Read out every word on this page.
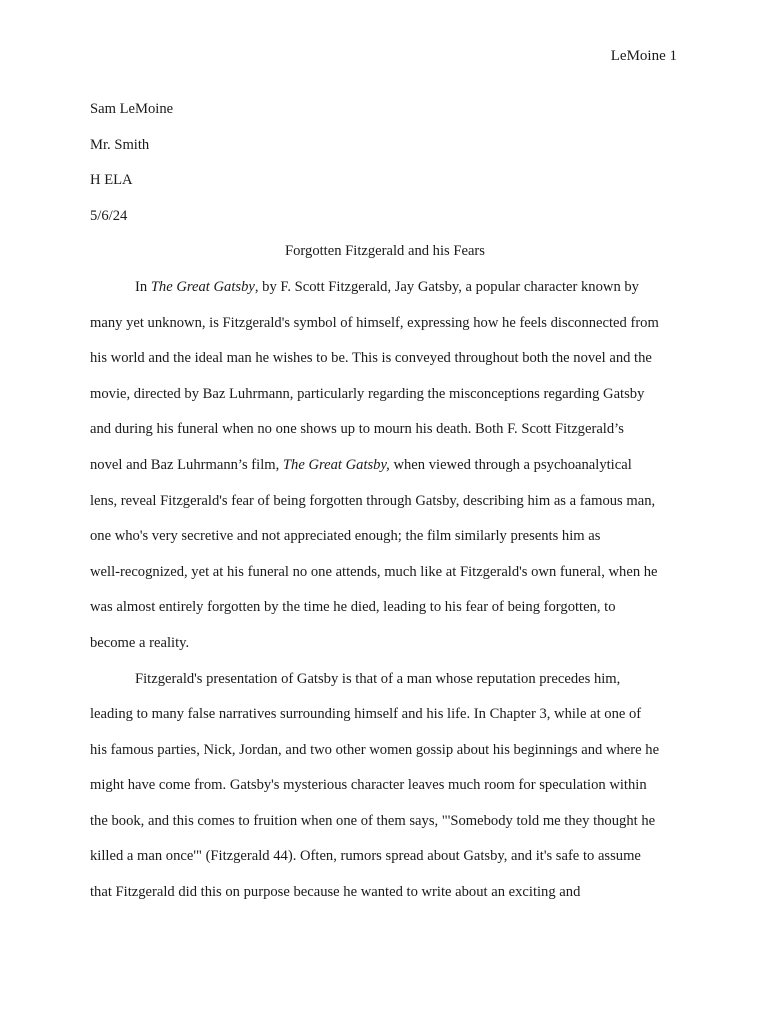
LeMoine 1

Sam LeMoine

Mr. Smith

H ELA

5/6/24

Forgotten Fitzgerald and his Fears

In The Great Gatsby, by F. Scott Fitzgerald, Jay Gatsby, a popular character known by
many yet unknown, is Fitzgerald's symbol of himself, expressing how he feels disconnected from
his world and the ideal man he wishes to be. This is conveyed throughout both the novel and the
movie, directed by Baz Luhrmann, particularly regarding the misconceptions regarding Gatsby
and during his funeral when no one shows up to mourn his death. Both F. Scott Fitzgerald’s
novel and Baz Luhrmann’s film, The Great Gatsby, when viewed through a psychoanalytical
lens, reveal Fitzgerald's fear of being forgotten through Gatsby, describing him as a famous man,
one who's very secretive and not appreciated enough; the film similarly presents him as
well-recognized, yet at his funeral no one attends, much like at Fitzgerald's own funeral, when he
was almost entirely forgotten by the time he died, leading to his fear of being forgotten, to
become a reality.

Fitzgerald's presentation of Gatsby is that of a man whose reputation precedes him,
leading to many false narratives surrounding himself and his life. In Chapter 3, while at one of
his famous parties, Nick, Jordan, and two other women gossip about his beginnings and where he
might have come from. Gatsby's mysterious character leaves much room for speculation within
the book, and this comes to fruition when one of them says, "'Somebody told me they thought he
killed a man once'" (Fitzgerald 44). Often, rumors spread about Gatsby, and it's safe to assume
that Fitzgerald did this on purpose because he wanted to write about an exciting and
